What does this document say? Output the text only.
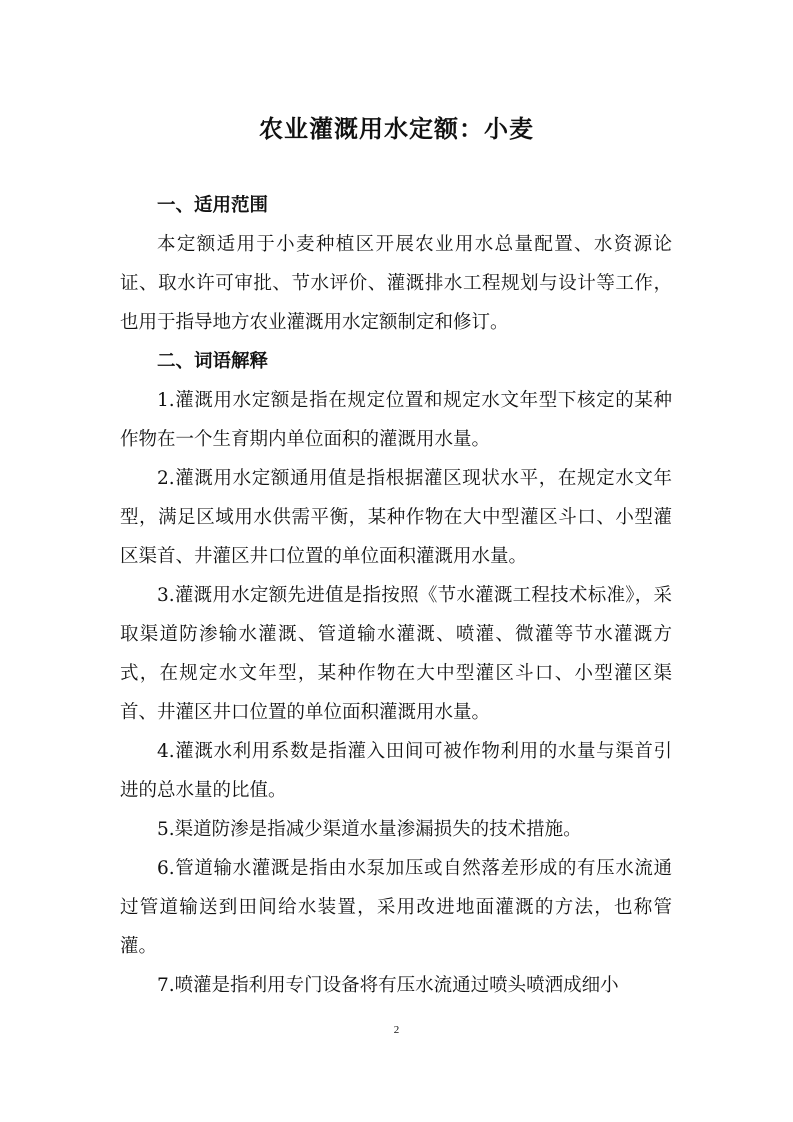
农业灌溉用水定额：小麦
一、适用范围

本定额适用于小麦种植区开展农业用水总量配置、水资源论证、取水许可审批、节水评价、灌溉排水工程规划与设计等工作，也用于指导地方农业灌溉用水定额制定和修订。

二、词语解释

1.灌溉用水定额是指在规定位置和规定水文年型下核定的某种作物在一个生育期内单位面积的灌溉用水量。

2.灌溉用水定额通用值是指根据灌区现状水平，在规定水文年型，满足区域用水供需平衡，某种作物在大中型灌区斗口、小型灌区渠首、井灌区井口位置的单位面积灌溉用水量。

3.灌溉用水定额先进值是指按照《节水灌溉工程技术标准》，采取渠道防渗输水灌溉、管道输水灌溉、喷灌、微灌等节水灌溉方式，在规定水文年型，某种作物在大中型灌区斗口、小型灌区渠首、井灌区井口位置的单位面积灌溉用水量。

4.灌溉水利用系数是指灌入田间可被作物利用的水量与渠首引进的总水量的比值。

5.渠道防渗是指减少渠道水量渗漏损失的技术措施。

6.管道输水灌溉是指由水泵加压或自然落差形成的有压水流通过管道输送到田间给水装置，采用改进地面灌溉的方法，也称管灌。

7.喷灌是指利用专门设备将有压水流通过喷头喷洒成细小

2
